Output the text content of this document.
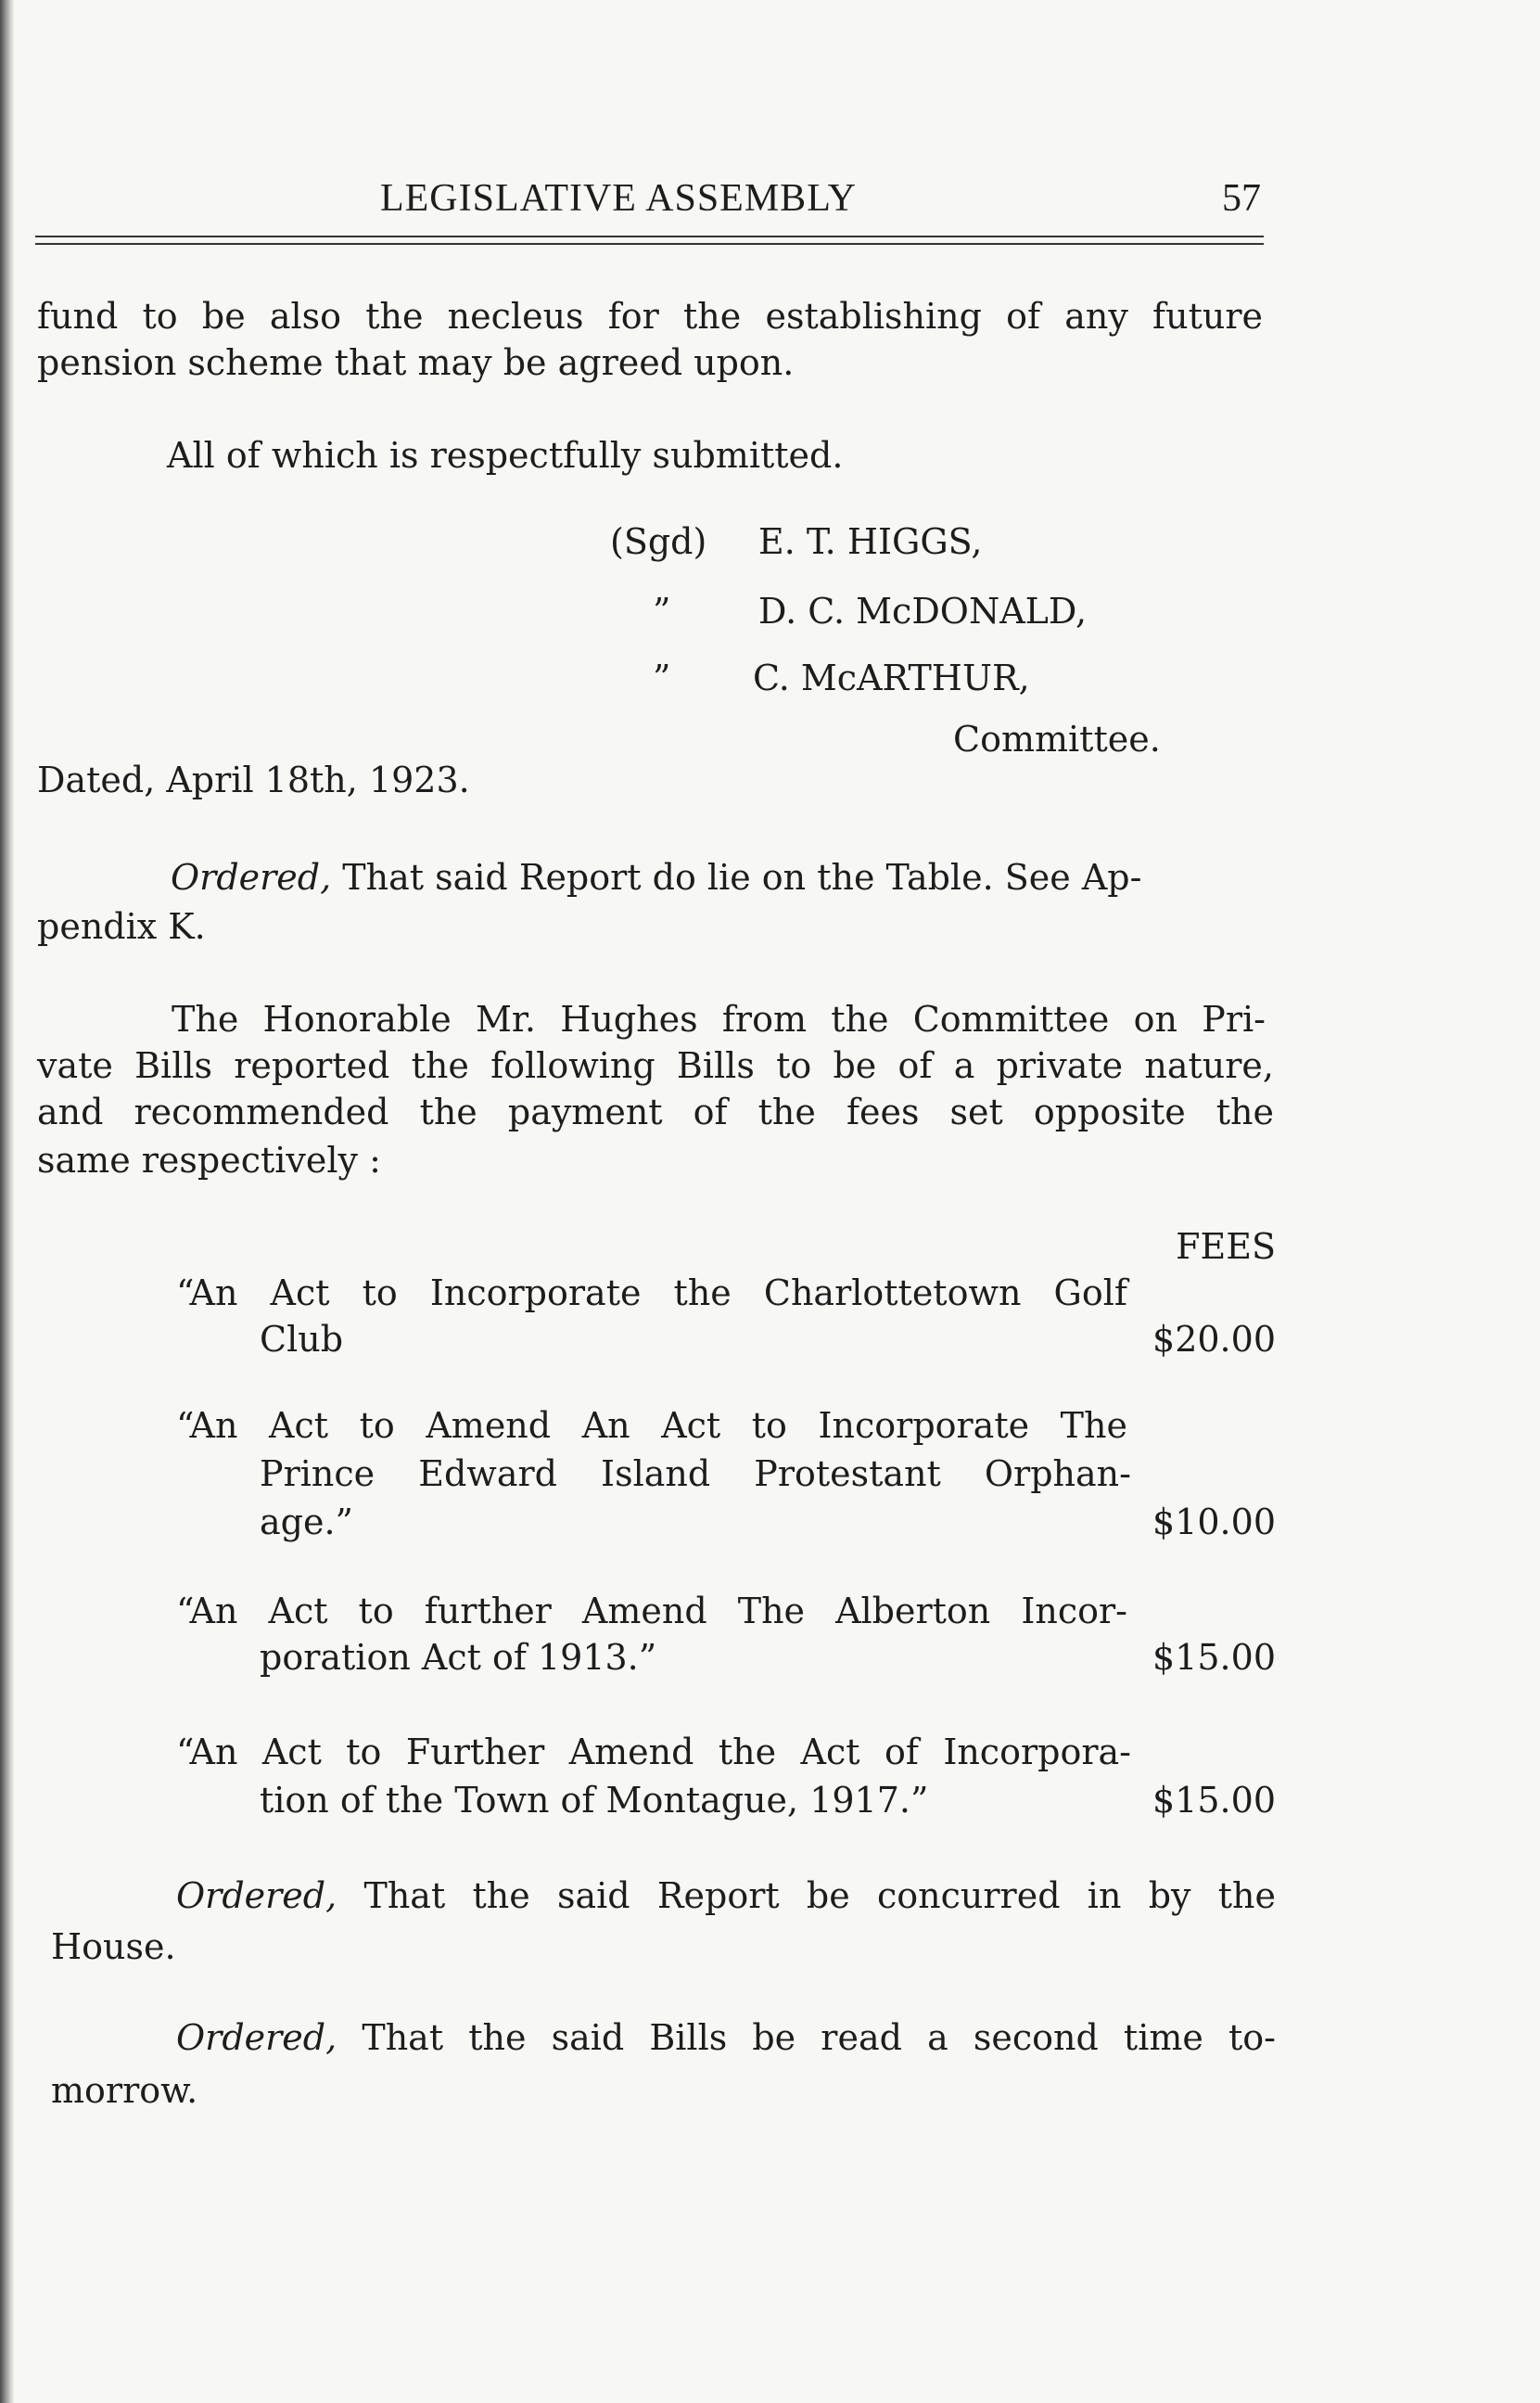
LEGISLATIVE ASSEMBLY	57
fund to be also the necleus for the establishing of any future
pension scheme that may be agreed upon.
All of which is respectfully submitted.
(Sgd) E. T. HIGGS,
” D. C. McDONALD,
” C. McARTHUR,
Committee.
Dated, April 18th, 1923.
Ordered, That said Report do lie on the Table. See Ap-
pendix K.
The Honorable Mr. Hughes from the Committee on Pri-
vate Bills reported the following Bills to be of a private nature,
and recommended the payment of the fees set opposite the
same respectively :
FEES
“An Act to Incorporate the Charlottetown Golf
Club	$20.00
“An Act to Amend An Act to Incorporate The
Prince Edward Island Protestant Orphan-
age.”	$10.00
“An Act to further Amend The Alberton Incor-
poration Act of 1913.”	$15.00
“An Act to Further Amend the Act of Incorpora-
tion of the Town of Montague, 1917.”	$15.00
Ordered, That the said Report be concurred in by the
House.
Ordered, That the said Bills be read a second time to-
morrow.
